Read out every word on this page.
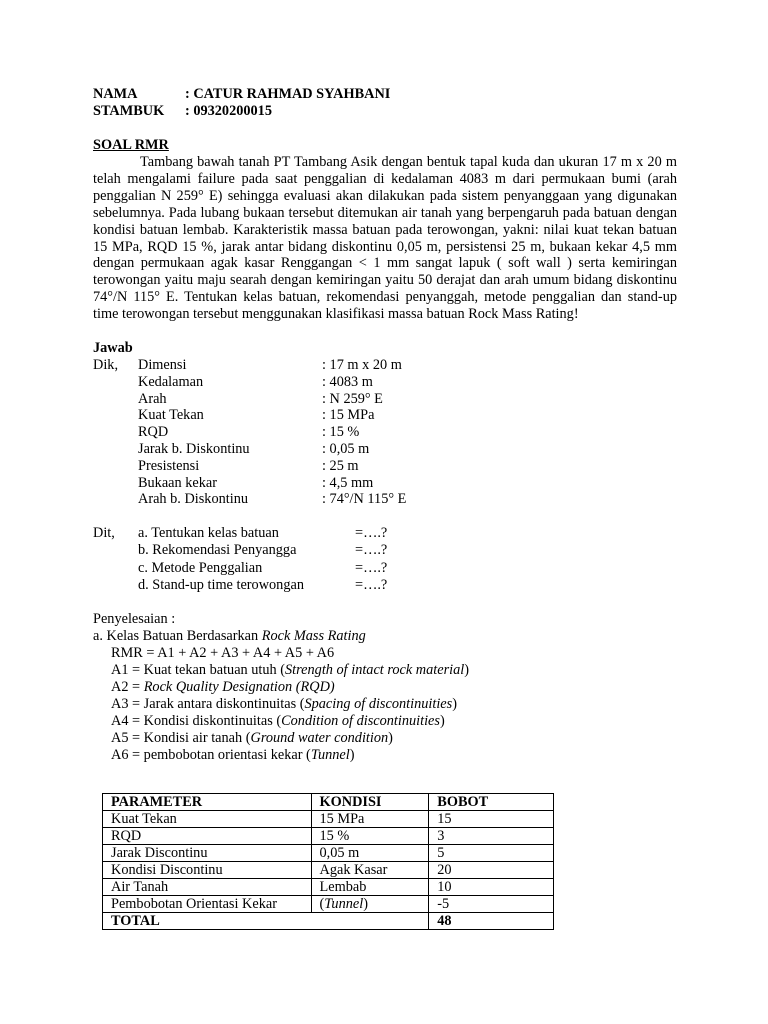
NAMA	: CATUR RAHMAD SYAHBANI
STAMBUK	: 09320200015
SOAL RMR
Tambang bawah tanah PT Tambang Asik dengan bentuk tapal kuda dan ukuran 17 m x 20 m telah mengalami failure pada saat penggalian di kedalaman 4083 m dari permukaan bumi (arah penggalian N 259° E) sehingga evaluasi akan dilakukan pada sistem penyanggaan yang digunakan sebelumnya. Pada lubang bukaan tersebut ditemukan air tanah yang berpengaruh pada batuan dengan kondisi batuan lembab. Karakteristik massa batuan pada terowongan, yakni: nilai kuat tekan batuan 15 MPa, RQD 15 %, jarak antar bidang diskontinu 0,05 m, persistensi 25 m, bukaan kekar 4,5 mm dengan permukaan agak kasar Renggangan < 1 mm sangat lapuk ( soft wall ) serta kemiringan terowongan yaitu maju searah dengan kemiringan yaitu 50 derajat dan arah umum bidang diskontinu 74°/N 115° E. Tentukan kelas batuan, rekomendasi penyanggah, metode penggalian dan stand-up time terowongan tersebut menggunakan klasifikasi massa batuan Rock Mass Rating!
Jawab
Dik,	Dimensi	: 17 m x 20 m
Kedalaman	: 4083 m
Arah	: N 259° E
Kuat Tekan	: 15 MPa
RQD	: 15 %
Jarak b. Diskontinu	: 0,05 m
Presistensi	: 25 m
Bukaan kekar	: 4,5 mm
Arah b. Diskontinu	: 74°/N 115° E
Dit,	a. Tentukan kelas batuan	=….?
b. Rekomendasi Penyangga	=….?
c. Metode Penggalian	=….?
d. Stand-up time terowongan	=….?
Penyelesaian :
a. Kelas Batuan Berdasarkan Rock Mass Rating
RMR = A1 + A2 + A3 + A4 + A5 + A6
A1 = Kuat tekan batuan utuh (Strength of intact rock material)
A2 = Rock Quality Designation (RQD)
A3 = Jarak antara diskontinuitas (Spacing of discontinuities)
A4 = Kondisi diskontinuitas (Condition of discontinuities)
A5 = Kondisi air tanah (Ground water condition)
A6 = pembobotan orientasi kekar (Tunnel)
PARAMETER	KONDISI	BOBOT
Kuat Tekan	15 MPa	15
RQD	15 %	3
Jarak Discontinu	0,05 m	5
Kondisi Discontinu	Agak Kasar	20
Air Tanah	Lembab	10
Pembobotan Orientasi Kekar	(Tunnel)	-5
TOTAL		48
